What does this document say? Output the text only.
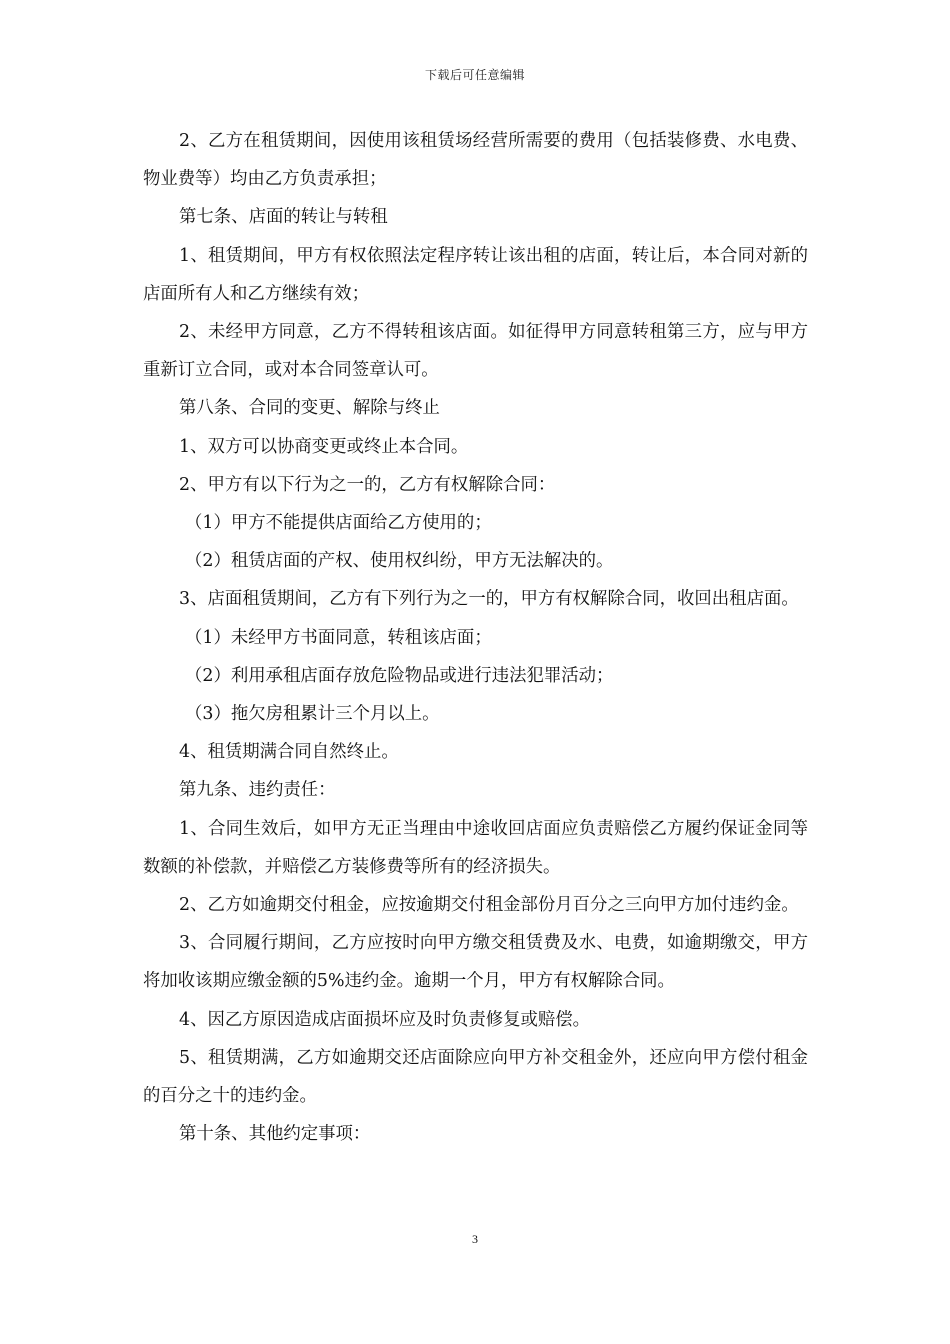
下载后可任意编辑

2、乙方在租赁期间，因使用该租赁场经营所需要的费用（包括装修费、水电费、物业费等）均由乙方负责承担；

第七条、店面的转让与转租

1、租赁期间，甲方有权依照法定程序转让该出租的店面，转让后，本合同对新的店面所有人和乙方继续有效；

2、未经甲方同意，乙方不得转租该店面。如征得甲方同意转租第三方，应与甲方重新订立合同，或对本合同签章认可。

第八条、合同的变更、解除与终止

1、双方可以协商变更或终止本合同。

2、甲方有以下行为之一的，乙方有权解除合同：

（1）甲方不能提供店面给乙方使用的；

（2）租赁店面的产权、使用权纠纷，甲方无法解决的。

3、店面租赁期间，乙方有下列行为之一的，甲方有权解除合同，收回出租店面。

（1）未经甲方书面同意，转租该店面；

（2）利用承租店面存放危险物品或进行违法犯罪活动；

（3）拖欠房租累计三个月以上。

4、租赁期满合同自然终止。

第九条、违约责任：

1、合同生效后，如甲方无正当理由中途收回店面应负责赔偿乙方履约保证金同等数额的补偿款，并赔偿乙方装修费等所有的经济损失。

2、乙方如逾期交付租金，应按逾期交付租金部份月百分之三向甲方加付违约金。

3、合同履行期间，乙方应按时向甲方缴交租赁费及水、电费，如逾期缴交，甲方将加收该期应缴金额的5%违约金。逾期一个月，甲方有权解除合同。

4、因乙方原因造成店面损坏应及时负责修复或赔偿。

5、租赁期满，乙方如逾期交还店面除应向甲方补交租金外，还应向甲方偿付租金的百分之十的违约金。

第十条、其他约定事项：

3
